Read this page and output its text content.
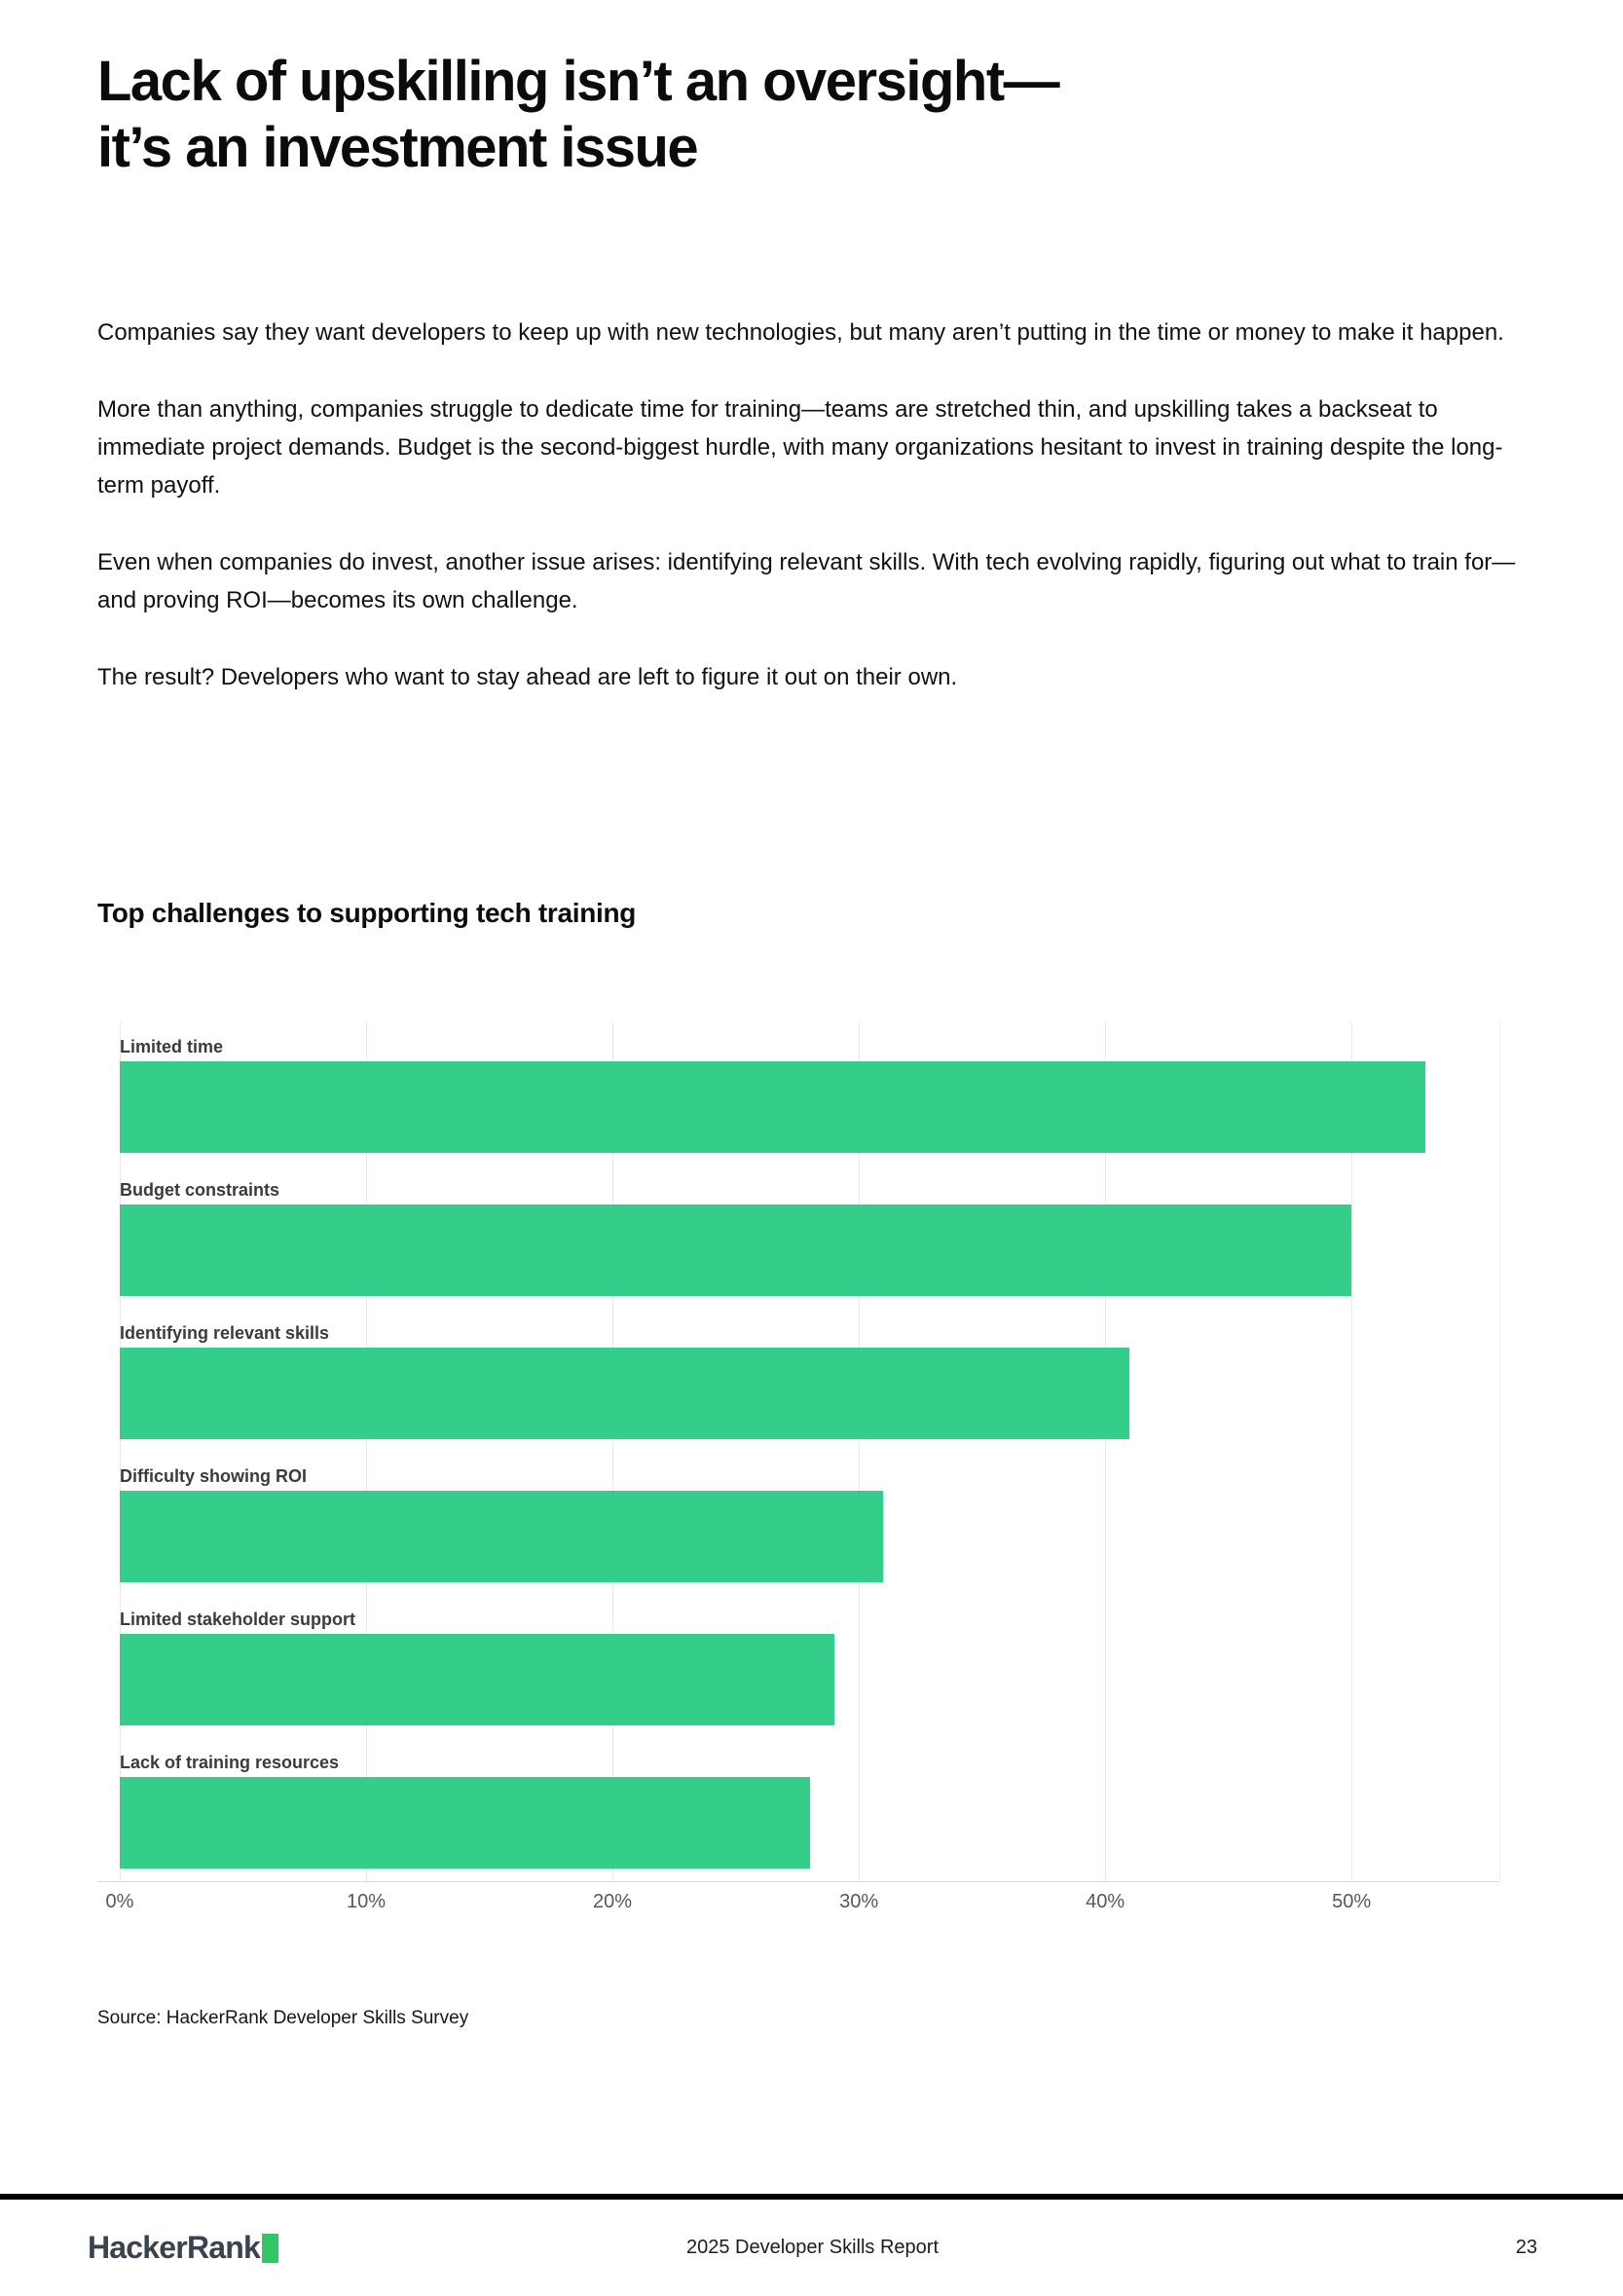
Lack of upskilling isn’t an oversight—
it’s an investment issue

Companies say they want developers to keep up with new technologies, but many aren’t putting in the time or money to make it happen.

More than anything, companies struggle to dedicate time for training—teams are stretched thin, and upskilling takes a backseat to immediate project demands. Budget is the second-biggest hurdle, with many organizations hesitant to invest in training despite the long-term payoff.

Even when companies do invest, another issue arises: identifying relevant skills. With tech evolving rapidly, figuring out what to train for—and proving ROI—becomes its own challenge.

The result? Developers who want to stay ahead are left to figure it out on their own.

Top challenges to supporting tech training
Limited time
Budget constraints
Identifying relevant skills
Difficulty showing ROI
Limited stakeholder support
Lack of training resources
0%	10%	20%	30%	40%	50%
Source: HackerRank Developer Skills Survey
HackerRank	2025 Developer Skills Report	23
